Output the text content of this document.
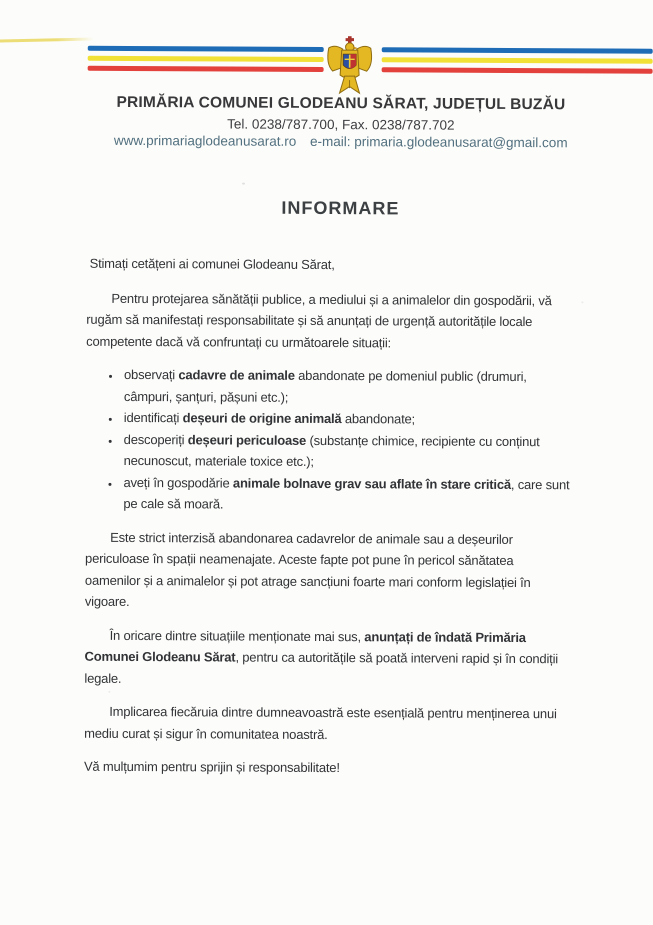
PRIMĂRIA COMUNEI GLODEANU SĂRAT, JUDEȚUL BUZĂU
Tel. 0238/787.700, Fax. 0238/787.702
www.primariaglodeanusarat.ro e-mail: primaria.glodeanusarat@gmail.com
INFORMARE

Stimați cetățeni ai comunei Glodeanu Sărat,

Pentru protejarea sănătății publice, a mediului și a animalelor din gospodării, vă rugăm să manifestați responsabilitate și să anunțați de urgență autoritățile locale competente dacă vă confruntați cu următoarele situații:

• observați cadavre de animale abandonate pe domeniul public (drumuri, câmpuri, șanțuri, pășuni etc.);
• identificați deșeuri de origine animală abandonate;
• descoperiți deșeuri periculoase (substanțe chimice, recipiente cu conținut necunoscut, materiale toxice etc.);
• aveți în gospodărie animale bolnave grav sau aflate în stare critică, care sunt pe cale să moară.

Este strict interzisă abandonarea cadavrelor de animale sau a deșeurilor periculoase în spații neamenajate. Aceste fapte pot pune în pericol sănătatea oamenilor și a animalelor și pot atrage sancțiuni foarte mari conform legislației în vigoare.

În oricare dintre situațiile menționate mai sus, anunțați de îndată Primăria Comunei Glodeanu Sărat, pentru ca autoritățile să poată interveni rapid și în condiții legale.

Implicarea fiecăruia dintre dumneavoastră este esențială pentru menținerea unui mediu curat și sigur în comunitatea noastră.

Vă mulțumim pentru sprijin și responsabilitate!
